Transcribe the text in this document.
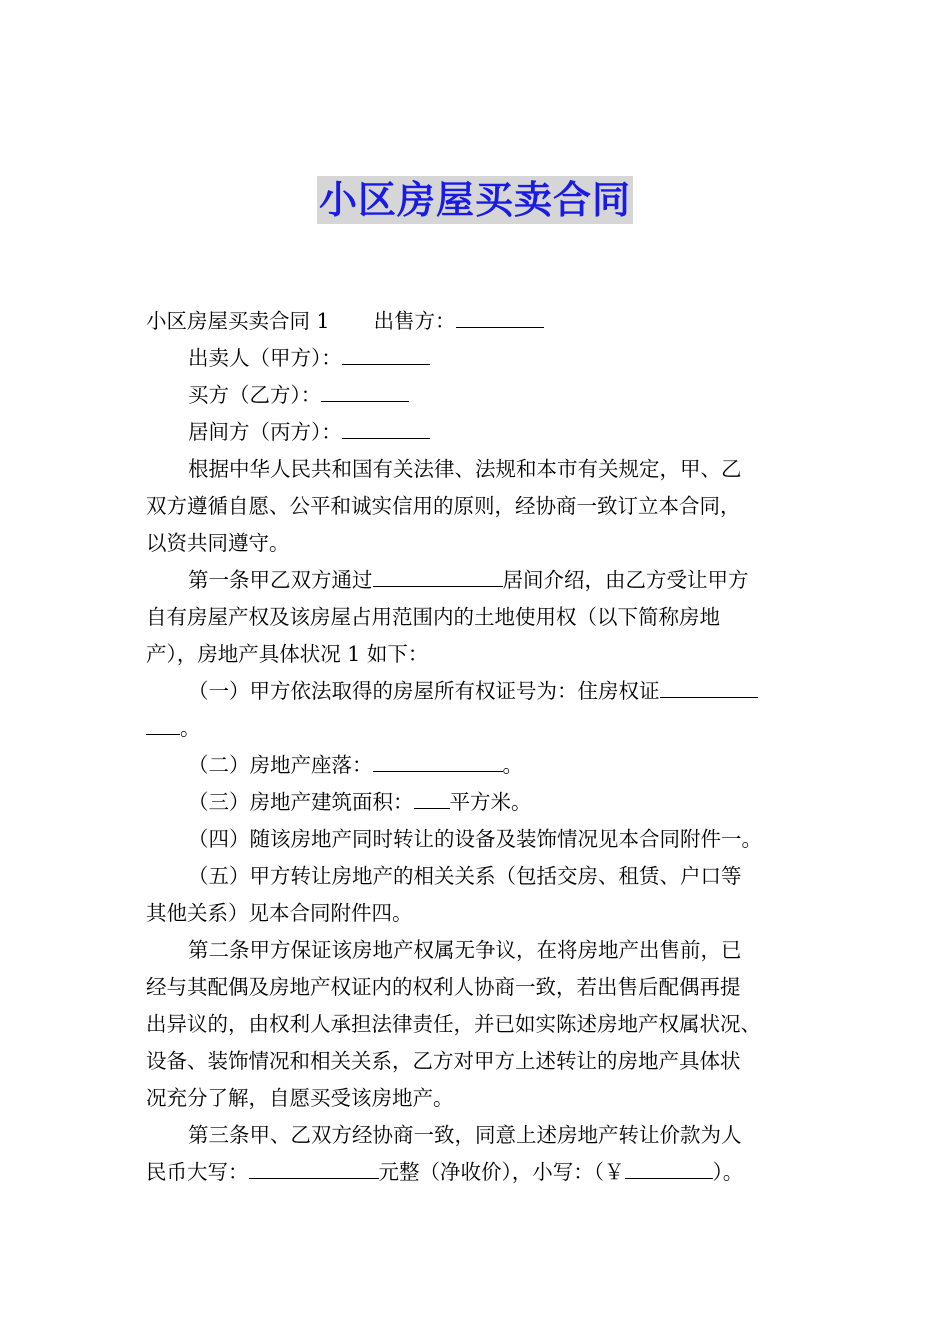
小区房屋买卖合同
小区房屋买卖合同 1 出售方：
出卖人（甲方）：
买方（乙方）：
居间方（丙方）：
根据中华人民共和国有关法律、法规和本市有关规定，甲、乙
双方遵循自愿、公平和诚实信用的原则，经协商一致订立本合同，
以资共同遵守。
第一条甲乙双方通过	居间介绍，由乙方受让甲方
自有房屋产权及该房屋占用范围内的土地使用权（以下简称房地
产），房地产具体状况 1 如下：
（一）甲方依法取得的房屋所有权证号为：住房权证
。
（二）房地产座落：	。
（三）房地产建筑面积： 平方米。
（四）随该房地产同时转让的设备及装饰情况见本合同附件一。
（五）甲方转让房地产的相关关系（包括交房、租赁、户口等
其他关系）见本合同附件四。
第二条甲方保证该房地产权属无争议，在将房地产出售前，已
经与其配偶及房地产权证内的权利人协商一致，若出售后配偶再提
出异议的，由权利人承担法律责任，并已如实陈述房地产权属状况、
设备、装饰情况和相关关系，乙方对甲方上述转让的房地产具体状
况充分了解，自愿买受该房地产。
第三条甲、乙双方经协商一致，同意上述房地产转让价款为人
民币大写：	元整（净收价），小写：（￥	）。
